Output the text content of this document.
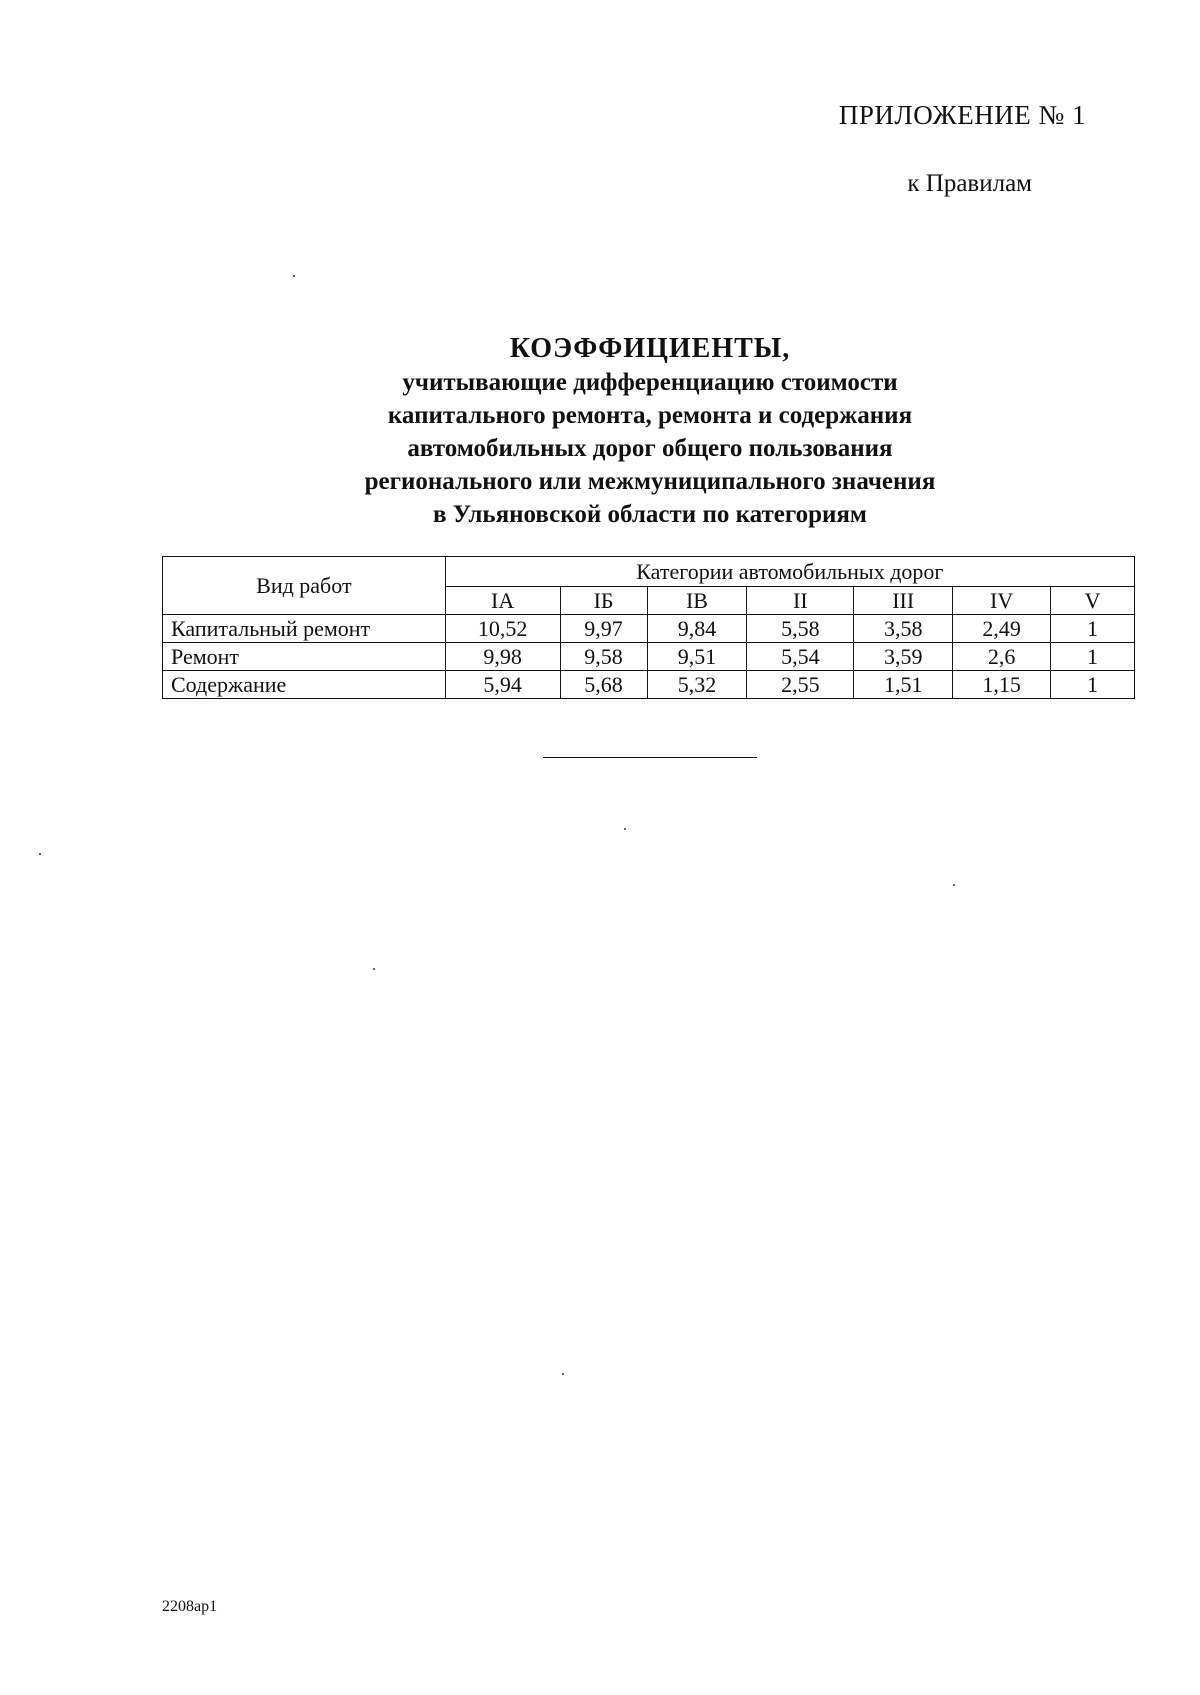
ПРИЛОЖЕНИЕ № 1
к Правилам
КОЭФФИЦИЕНТЫ,
учитывающие дифференциацию стоимости
капитального ремонта, ремонта и содержания
автомобильных дорог общего пользования
регионального или межмуниципального значения
в Ульяновской области по категориям
Вид работ	Категории автомобильных дорог						
	IА	IБ	IВ	II	III	IV	V
Капитальный ремонт	10,52	9,97	9,84	5,58	3,58	2,49	1
Ремонт	9,98	9,58	9,51	5,54	3,59	2,6	1
Содержание	5,94	5,68	5,32	2,55	1,51	1,15	1
2208ар1
